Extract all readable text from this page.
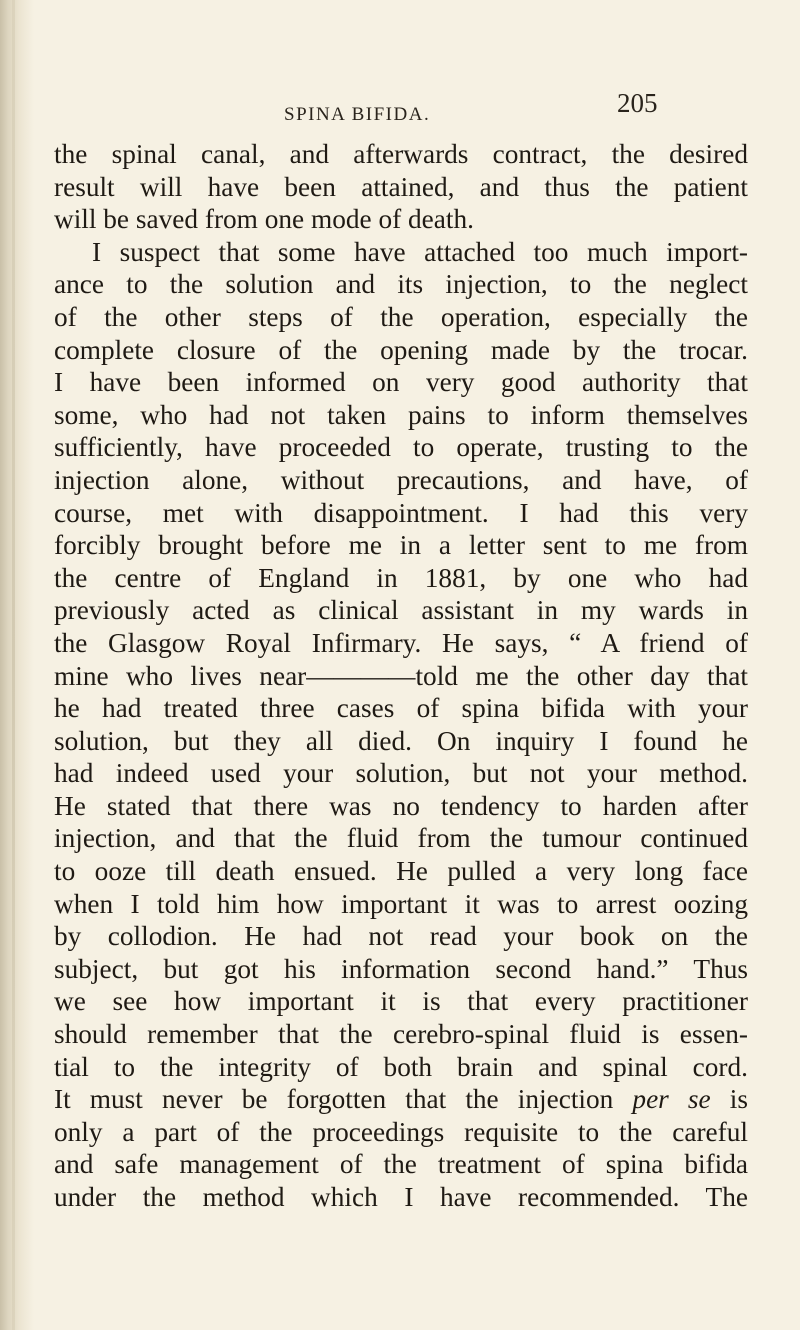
SPINA BIFIDA.	205
the spinal canal, and afterwards contract, the desired
result will have been attained, and thus the patient
will be saved from one mode of death.
I suspect that some have attached too much import-
ance to the solution and its injection, to the neglect
of the other steps of the operation, especially the
complete closure of the opening made by the trocar.
I have been informed on very good authority that
some, who had not taken pains to inform themselves
sufficiently, have proceeded to operate, trusting to the
injection alone, without precautions, and have, of
course, met with disappointment. I had this very
forcibly brought before me in a letter sent to me from
the centre of England in 1881, by one who had
previously acted as clinical assistant in my wards in
the Glasgow Royal Infirmary. He says, “ A friend of
mine who lives near————told me the other day that
he had treated three cases of spina bifida with your
solution, but they all died. On inquiry I found he
had indeed used your solution, but not your method.
He stated that there was no tendency to harden after
injection, and that the fluid from the tumour continued
to ooze till death ensued. He pulled a very long face
when I told him how important it was to arrest oozing
by collodion. He had not read your book on the
subject, but got his information second hand.” Thus
we see how important it is that every practitioner
should remember that the cerebro-spinal fluid is essen-
tial to the integrity of both brain and spinal cord.
It must never be forgotten that the injection per se is
only a part of the proceedings requisite to the careful
and safe management of the treatment of spina bifida
under the method which I have recommended. The
